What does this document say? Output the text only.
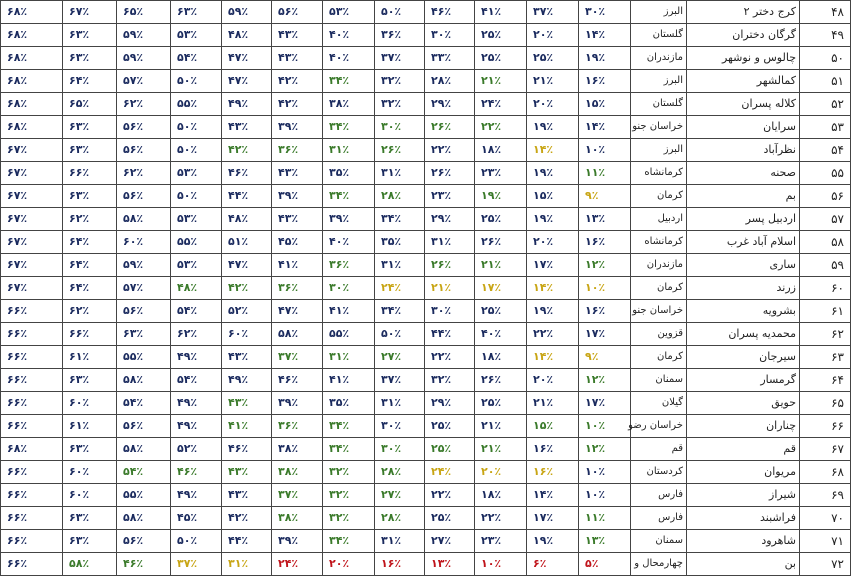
۴۸	کرج دختر ۲	البرز	۳۰٪	۳۷٪	۴۱٪	۴۶٪	۵۰٪	۵۳٪	۵۶٪	۵۹٪	۶۳٪	۶۵٪	۶۷٪	۶۸٪
۴۹	گرگان دختران	گلستان	۱۴٪	۲۰٪	۲۵٪	۳۰٪	۳۶٪	۴۰٪	۴۳٪	۴۸٪	۵۳٪	۵۹٪	۶۳٪	۶۸٪
۵۰	چالوس و نوشهر	مازندران	۱۹٪	۲۵٪	۲۵٪	۳۳٪	۳۷٪	۴۰٪	۴۳٪	۴۷٪	۵۴٪	۵۹٪	۶۳٪	۶۸٪
۵۱	کمالشهر	البرز	۱۶٪	۲۱٪	۲۱٪	۲۸٪	۳۲٪	۳۴٪	۴۲٪	۴۷٪	۵۰٪	۵۷٪	۶۴٪	۶۸٪
۵۲	کلاله پسران	گلستان	۱۵٪	۲۰٪	۲۴٪	۲۹٪	۳۲٪	۳۸٪	۴۲٪	۴۹٪	۵۵٪	۶۲٪	۶۵٪	۶۸٪
۵۳	سرایان	خراسان جنو	۱۴٪	۱۹٪	۲۲٪	۲۶٪	۳۰٪	۳۴٪	۳۹٪	۴۳٪	۵۰٪	۵۶٪	۶۳٪	۶۸٪
۵۴	نظرآباد	البرز	۱۰٪	۱۴٪	۱۸٪	۲۲٪	۲۶٪	۳۱٪	۳۶٪	۴۲٪	۵۰٪	۵۶٪	۶۳٪	۶۷٪
۵۵	صحنه	کرمانشاه	۱۱٪	۱۹٪	۲۳٪	۲۶٪	۳۱٪	۳۵٪	۴۳٪	۴۶٪	۵۳٪	۶۲٪	۶۶٪	۶۷٪
۵۶	بم	کرمان	۹٪	۱۵٪	۱۹٪	۲۳٪	۲۸٪	۳۴٪	۳۹٪	۴۴٪	۵۰٪	۵۶٪	۶۳٪	۶۷٪
۵۷	اردبیل پسر	اردبیل	۱۳٪	۱۹٪	۲۵٪	۲۹٪	۳۴٪	۳۹٪	۴۳٪	۴۸٪	۵۳٪	۵۸٪	۶۲٪	۶۷٪
۵۸	اسلام آباد غرب	کرمانشاه	۱۶٪	۲۰٪	۲۶٪	۳۱٪	۳۵٪	۴۰٪	۴۵٪	۵۱٪	۵۵٪	۶۰٪	۶۴٪	۶۷٪
۵۹	ساری	مازندران	۱۲٪	۱۷٪	۲۱٪	۲۶٪	۳۱٪	۳۶٪	۴۱٪	۴۷٪	۵۳٪	۵۹٪	۶۴٪	۶۷٪
۶۰	زرند	کرمان	۱۰٪	۱۴٪	۱۷٪	۲۱٪	۲۴٪	۳۰٪	۳۶٪	۴۲٪	۴۸٪	۵۷٪	۶۴٪	۶۷٪
۶۱	بشرویه	خراسان جنو	۱۶٪	۱۹٪	۲۵٪	۳۰٪	۳۴٪	۴۱٪	۴۷٪	۵۲٪	۵۴٪	۵۶٪	۶۲٪	۶۶٪
۶۲	محمدیه پسران	قزوین	۱۷٪	۲۲٪	۴۰٪	۴۴٪	۵۰٪	۵۵٪	۵۸٪	۶۰٪	۶۲٪	۶۳٪	۶۶٪	۶۶٪
۶۳	سیرجان	کرمان	۹٪	۱۴٪	۱۸٪	۲۲٪	۲۷٪	۳۱٪	۳۷٪	۴۳٪	۴۹٪	۵۵٪	۶۱٪	۶۶٪
۶۴	گرمسار	سمنان	۱۲٪	۲۰٪	۲۶٪	۳۲٪	۳۷٪	۴۱٪	۴۶٪	۴۹٪	۵۴٪	۵۸٪	۶۳٪	۶۶٪
۶۵	حویق	گیلان	۱۷٪	۲۱٪	۲۵٪	۲۹٪	۳۱٪	۳۵٪	۳۹٪	۴۳٪	۴۹٪	۵۴٪	۶۰٪	۶۶٪
۶۶	چناران	خراسان رضو	۱۰٪	۱۵٪	۲۱٪	۲۵٪	۳۰٪	۳۴٪	۳۶٪	۴۱٪	۴۹٪	۵۶٪	۶۱٪	۶۶٪
۶۷	قم	قم	۱۲٪	۱۶٪	۲۱٪	۲۵٪	۳۰٪	۳۴٪	۳۸٪	۴۶٪	۵۲٪	۵۸٪	۶۳٪	۶۸٪
۶۸	مریوان	کردستان	۱۰٪	۱۶٪	۲۰٪	۲۴٪	۲۸٪	۳۲٪	۳۸٪	۴۳٪	۴۶٪	۵۴٪	۶۰٪	۶۶٪
۶۹	شیراز	فارس	۱۰٪	۱۴٪	۱۸٪	۲۲٪	۲۷٪	۳۲٪	۳۷٪	۴۳٪	۴۹٪	۵۵٪	۶۰٪	۶۶٪
۷۰	فراشبند	فارس	۱۱٪	۱۷٪	۲۲٪	۲۵٪	۲۸٪	۳۲٪	۳۸٪	۴۲٪	۴۵٪	۵۸٪	۶۳٪	۶۶٪
۷۱	شاهرود	سمنان	۱۳٪	۱۹٪	۲۳٪	۲۷٪	۳۱٪	۳۴٪	۳۹٪	۴۴٪	۵۰٪	۵۶٪	۶۳٪	۶۶٪
۷۲	بن	چهارمحال و	۵٪	۶٪	۱۰٪	۱۳٪	۱۶٪	۲۰٪	۲۴٪	۳۱٪	۳۷٪	۴۶٪	۵۸٪	۶۶٪
